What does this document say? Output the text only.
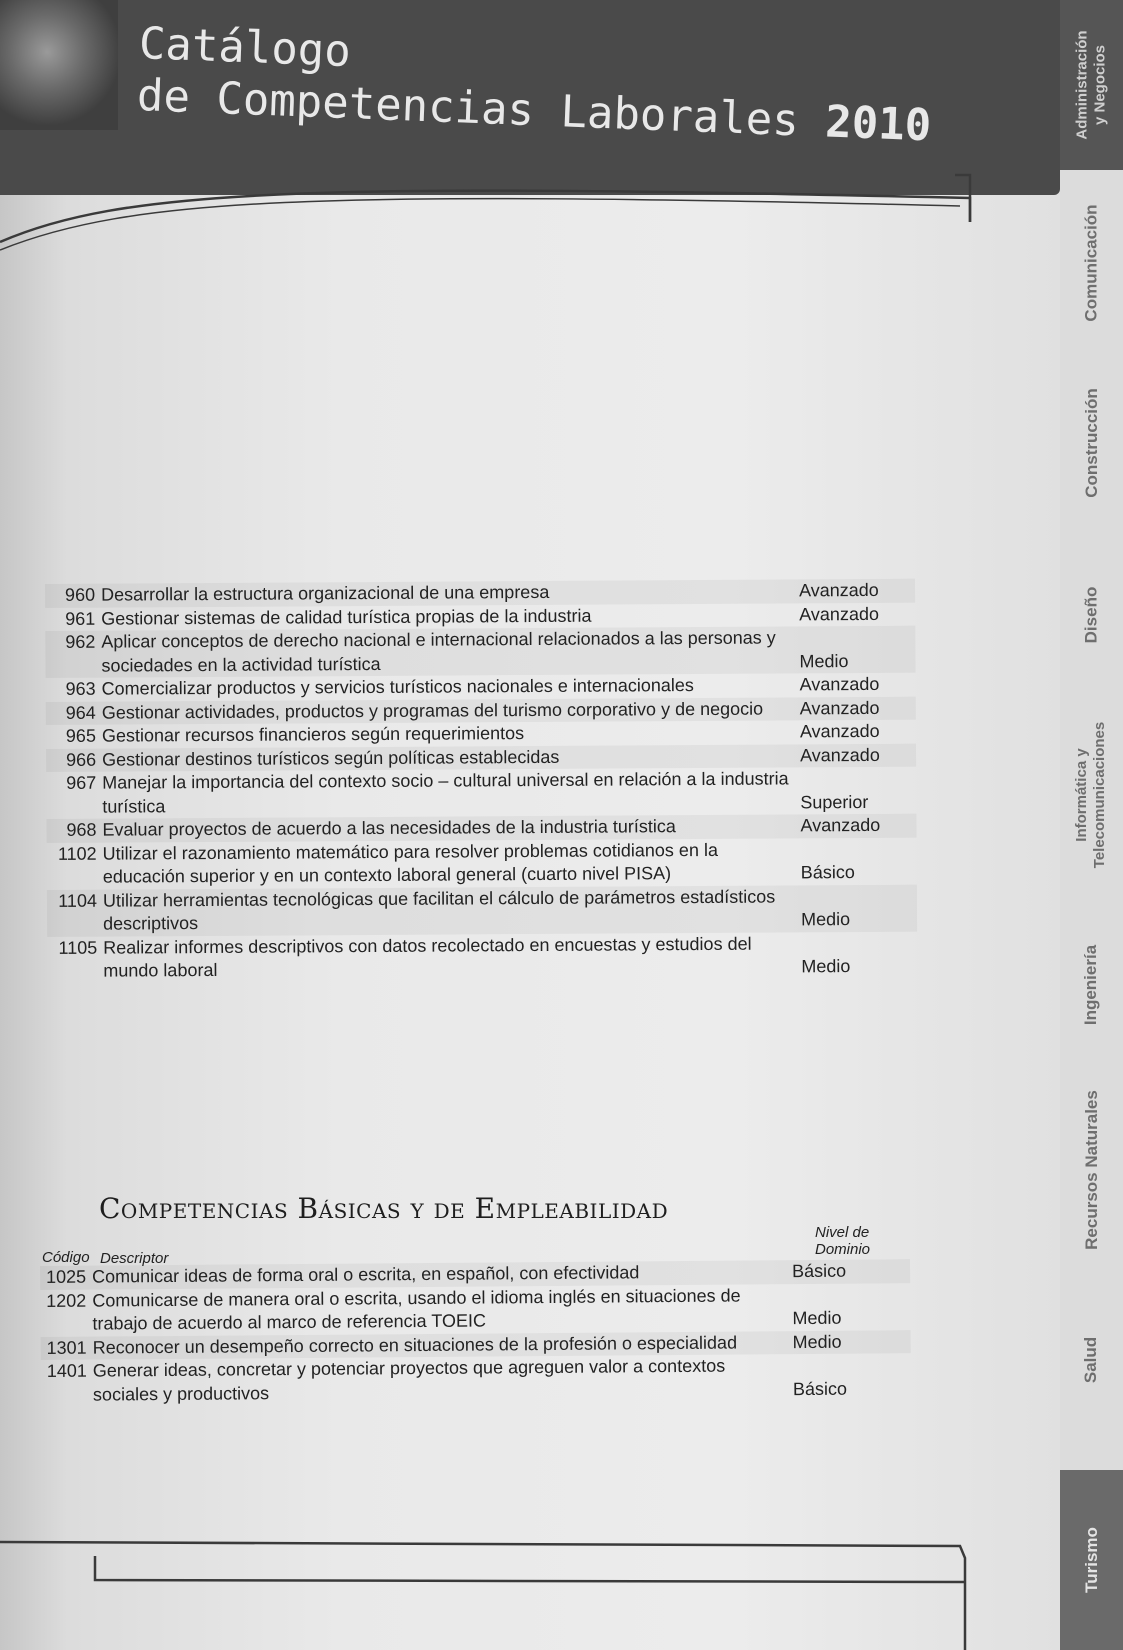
Catálogo
de Competencias Laborales 2010
960 Desarrollar la estructura organizacional de una empresa	Avanzado
961 Gestionar sistemas de calidad turística propias de la industria	Avanzado
962 Aplicar conceptos de derecho nacional e internacional relacionados a las personas y sociedades en la actividad turística	Medio
963 Comercializar productos y servicios turísticos nacionales e internacionales	Avanzado
964 Gestionar actividades, productos y programas del turismo corporativo y de negocio	Avanzado
965 Gestionar recursos financieros según requerimientos	Avanzado
966 Gestionar destinos turísticos según políticas establecidas	Avanzado
967 Manejar la importancia del contexto socio – cultural universal en relación a la industria turística	Superior
968 Evaluar proyectos de acuerdo a las necesidades de la industria turística	Avanzado
1102 Utilizar el razonamiento matemático para resolver problemas cotidianos en la educación superior y en un contexto laboral general (cuarto nivel PISA)	Básico
1104 Utilizar herramientas tecnológicas que facilitan el cálculo de parámetros estadísticos descriptivos	Medio
1105 Realizar informes descriptivos con datos recolectado en encuestas y estudios del mundo laboral	Medio
Competencias Básicas y de Empleabilidad
Código Descriptor
Nivel de Dominio
1025 Comunicar ideas de forma oral o escrita, en español, con efectividad	Básico
1202 Comunicarse de manera oral o escrita, usando el idioma inglés en situaciones de trabajo de acuerdo al marco de referencia TOEIC	Medio
1301 Reconocer un desempeño correcto en situaciones de la profesión o especialidad	Medio
1401 Generar ideas, concretar y potenciar proyectos que agreguen valor a contextos sociales y productivos	Básico
Administración y Negocios
Comunicación
Construcción
Diseño
Informática y Telecomunicaciones
Ingeniería
Recursos Naturales
Salud
Turismo
